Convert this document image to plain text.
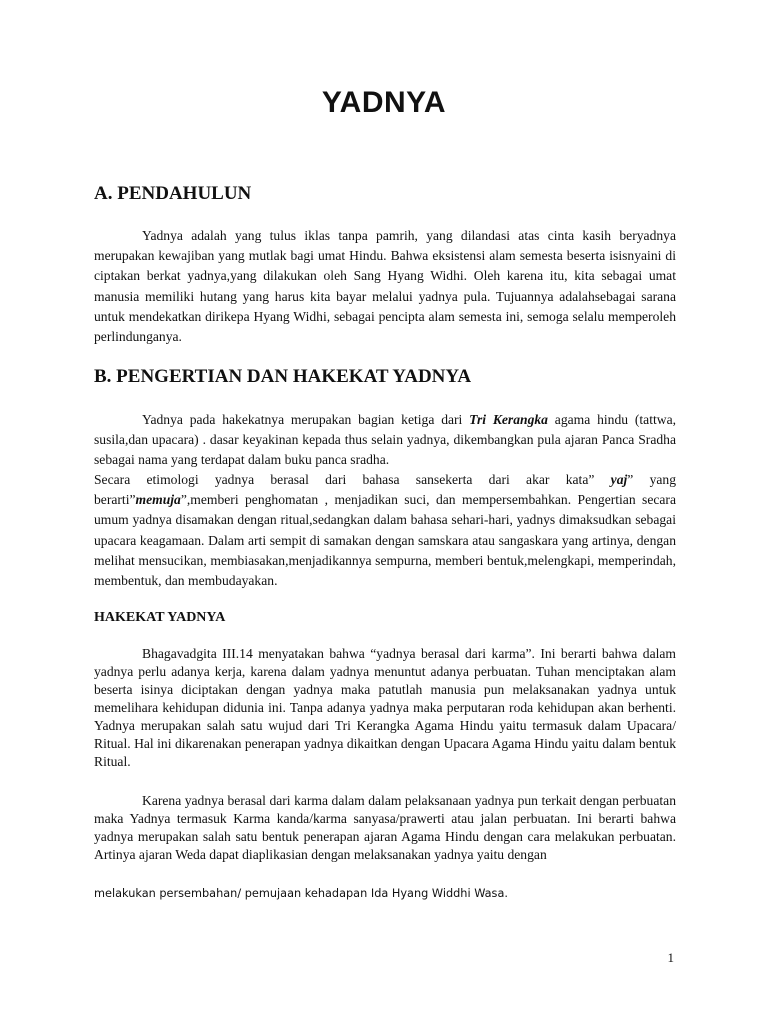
YADNYA
A. PENDAHULUN

Yadnya adalah yang tulus iklas tanpa pamrih, yang dilandasi atas cinta kasih beryadnya merupakan kewajiban yang mutlak bagi umat Hindu. Bahwa eksistensi alam semesta beserta isisnyaini di ciptakan berkat yadnya,yang dilakukan oleh Sang Hyang Widhi. Oleh karena itu, kita sebagai umat manusia memiliki hutang yang harus kita bayar melalui yadnya pula. Tujuannya adalahsebagai sarana untuk mendekatkan dirikepa Hyang Widhi, sebagai pencipta alam semesta ini, semoga selalu memperoleh perlindunganya.

B. PENGERTIAN DAN HAKEKAT YADNYA

Yadnya pada hakekatnya merupakan bagian ketiga dari Tri Kerangka agama hindu (tattwa, susila,dan upacara) . dasar keyakinan kepada thus selain yadnya, dikembangkan pula ajaran Panca Sradha sebagai nama yang terdapat dalam buku panca sradha.

Secara etimologi yadnya berasal dari bahasa sansekerta dari akar kata” yaj” yang berarti”memuja”,memberi penghomatan , menjadikan suci, dan mempersembahkan. Pengertian secara umum yadnya disamakan dengan ritual,sedangkan dalam bahasa sehari-hari, yadnys dimaksudkan sebagai upacara keagamaan. Dalam arti sempit di samakan dengan samskara atau sangaskara yang artinya, dengan melihat mensucikan, membiasakan,menjadikannya sempurna, memberi bentuk,melengkapi, memperindah, membentuk, dan membudayakan.

HAKEKAT YADNYA

Bhagavadgita III.14 menyatakan bahwa “yadnya berasal dari karma”. Ini berarti bahwa dalam yadnya perlu adanya kerja, karena dalam yadnya menuntut adanya perbuatan. Tuhan menciptakan alam beserta isinya diciptakan dengan yadnya maka patutlah manusia pun melaksanakan yadnya untuk memelihara kehidupan didunia ini. Tanpa adanya yadnya maka perputaran roda kehidupan akan berhenti. Yadnya merupakan salah satu wujud dari Tri Kerangka Agama Hindu yaitu termasuk dalam Upacara/ Ritual. Hal ini dikarenakan penerapan yadnya dikaitkan dengan Upacara Agama Hindu yaitu dalam bentuk Ritual.

Karena yadnya berasal dari karma dalam dalam pelaksanaan yadnya pun terkait dengan perbuatan maka Yadnya termasuk Karma kanda/karma sanyasa/prawerti atau jalan perbuatan. Ini berarti bahwa yadnya merupakan salah satu bentuk penerapan ajaran Agama Hindu dengan cara melakukan perbuatan. Artinya ajaran Weda dapat diaplikasian dengan melaksanakan yadnya yaitu dengan

melakukan persembahan/ pemujaan kehadapan Ida Hyang Widdhi Wasa.
1
